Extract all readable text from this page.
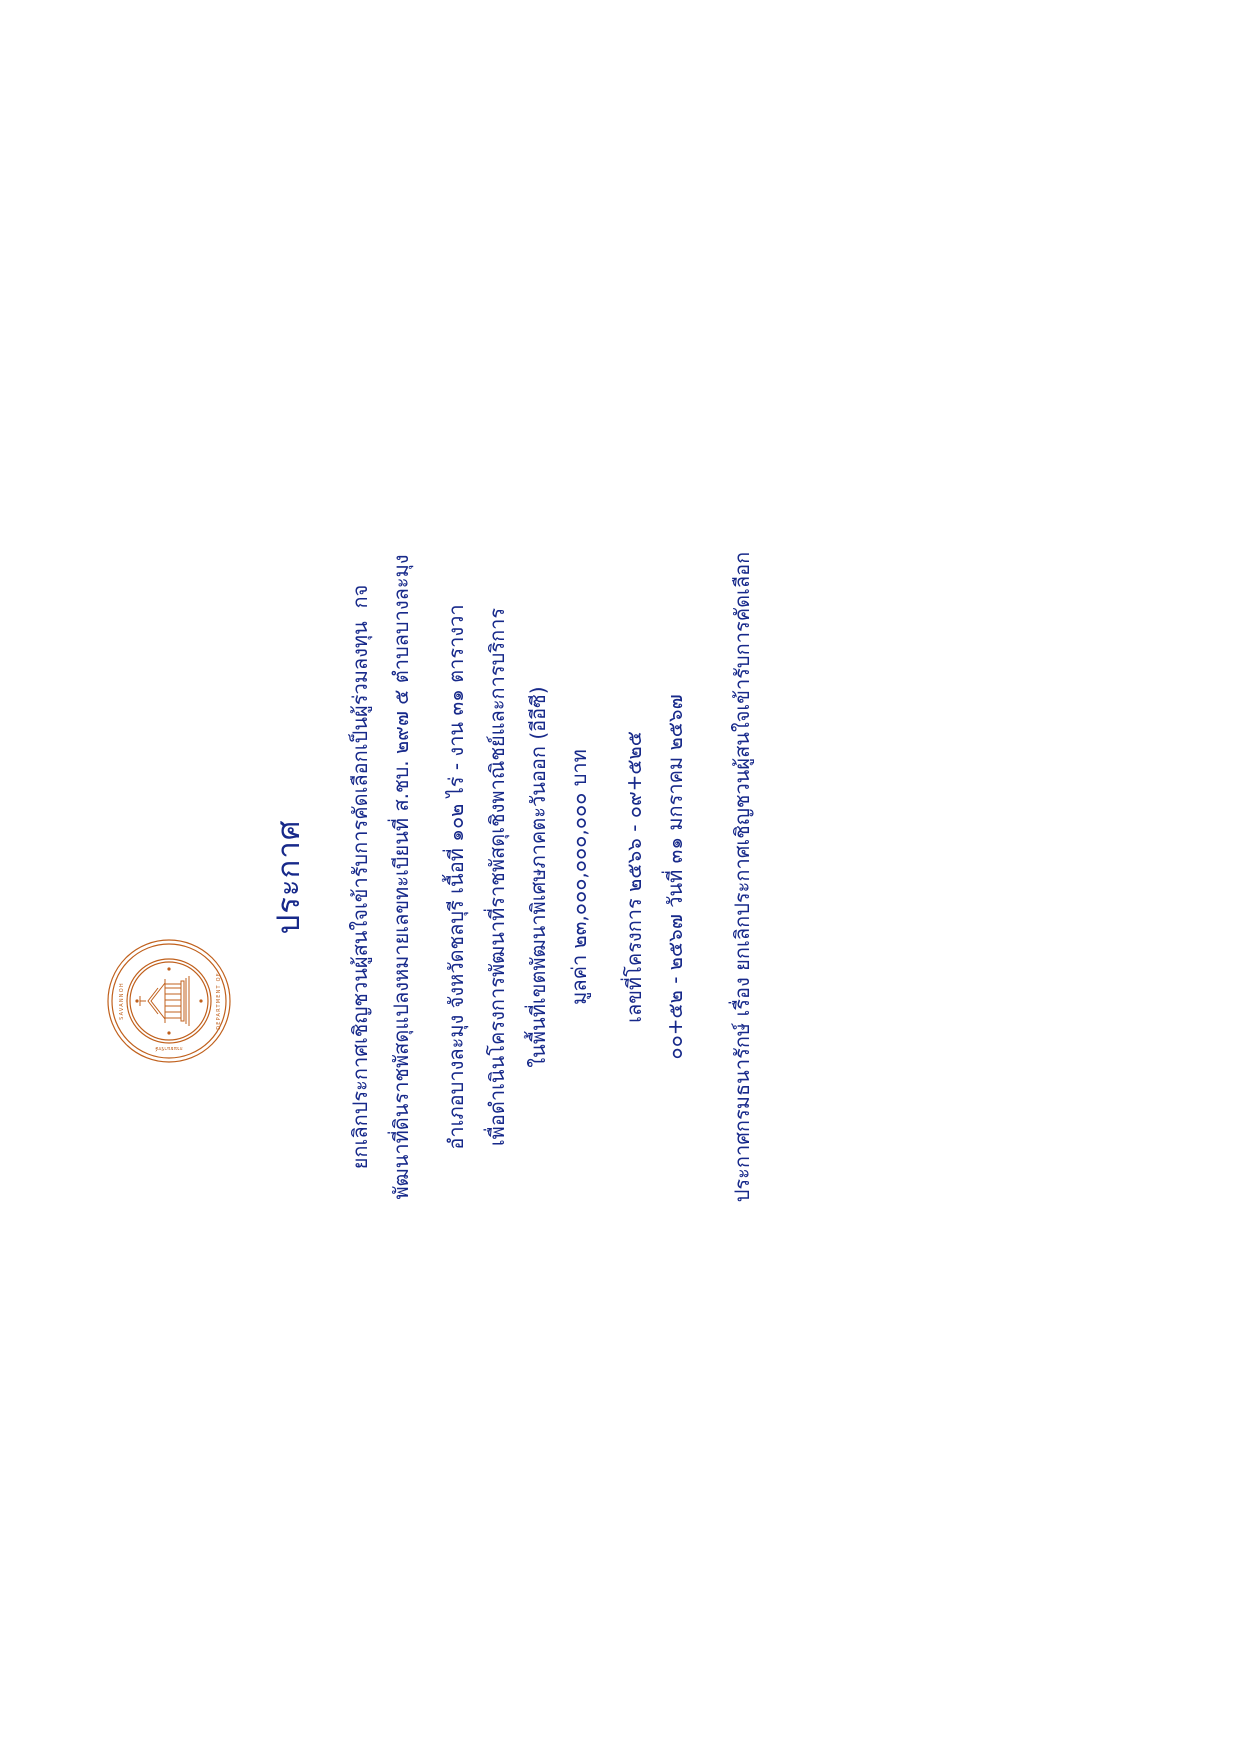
SAVANNOH	DEPARTMENT OF
กรมธนารักษ์
ประกาศ	ยกเลิกประกาศเชิญชวนผู้สนใจเข้ารับการคัดเลือกเป็นผู้ร่วมลงทุน  กจ พัฒนาที่ดินราชพัสดุแปลงหมายเลขทะเบียนที่ ส.ชบ. ๒๙๗ ๕ ตำบลบางละมุง	อำเภอบางละมุง จังหวัดชลบุรี เนื้อที่ ๑๐๒ ไร่ - งาน ๓๑ ตารางวา เพื่อดำเนินโครงการพัฒนาที่ราชพัสดุเชิงพาณิชย์และการบริการ ในพื้นที่เขตพัฒนาพิเศษภาคตะวันออก (อีอีซี) มูลค่า ๒๓,๐๐๐,๐๐๐,๐๐๐ บาท	เลขที่โครงการ ๒๕๖๖ - ๐๙+๕๒๕ ๐๐+๕๒ - ๒๕๖๗ วันที่ ๓๑ มกราคม ๒๕๖๗	ประกาศกรมธนารักษ์ เรื่อง ยกเลิกประกาศเชิญชวนผู้สนใจเข้ารับการคัดเลือก
